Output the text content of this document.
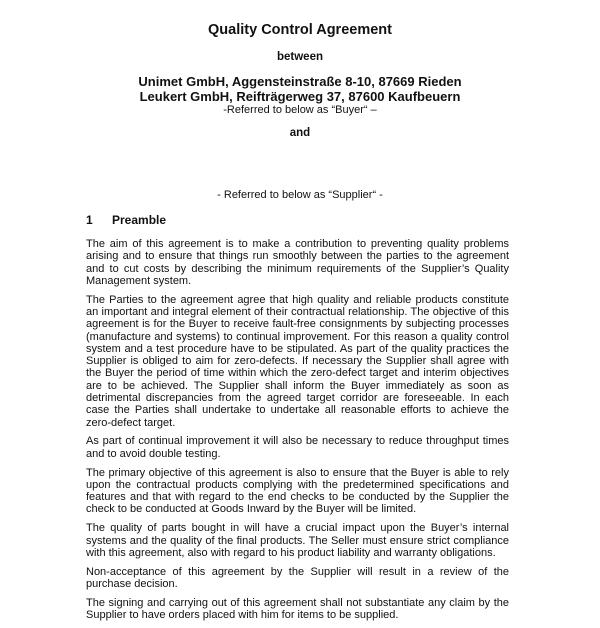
Quality Control Agreement
between
Unimet GmbH, Aggensteinstraße 8-10, 87669 Rieden
Leukert GmbH, Reifträgerweg 37, 87600 Kaufbeuern
-Referred to below as “Buyer“ –
and
- Referred to below as “Supplier“ -
1 Preamble

The aim of this agreement is to make a contribution to preventing quality problems arising and to ensure that things run smoothly between the parties to the agreement and to cut costs by describing the minimum requirements of the Supplier’s Quality Management system.

The Parties to the agreement agree that high quality and reliable products constitute an important and integral element of their contractual relationship. The objective of this agreement is for the Buyer to receive fault-free consignments by subjecting processes (manufacture and systems) to continual improvement. For this reason a quality control system and a test procedure have to be stipulated. As part of the quality practices the Supplier is obliged to aim for zero-defects. If necessary the Supplier shall agree with the Buyer the period of time within which the zero-defect target and interim objectives are to be achieved. The Supplier shall inform the Buyer immediately as soon as detrimental discrepancies from the agreed target corridor are foreseeable. In each case the Parties shall undertake to undertake all reasonable efforts to achieve the zero-defect target.

As part of continual improvement it will also be necessary to reduce throughput times and to avoid double testing.

The primary objective of this agreement is also to ensure that the Buyer is able to rely upon the contractual products complying with the predetermined specifications and features and that with regard to the end checks to be conducted by the Supplier the check to be conducted at Goods Inward by the Buyer will be limited.

The quality of parts bought in will have a crucial impact upon the Buyer’s internal systems and the quality of the final products. The Seller must ensure strict compliance with this agreement, also with regard to his product liability and warranty obligations.

Non-acceptance of this agreement by the Supplier will result in a review of the purchase decision.

The signing and carrying out of this agreement shall not substantiate any claim by the Supplier to have orders placed with him for items to be supplied.
